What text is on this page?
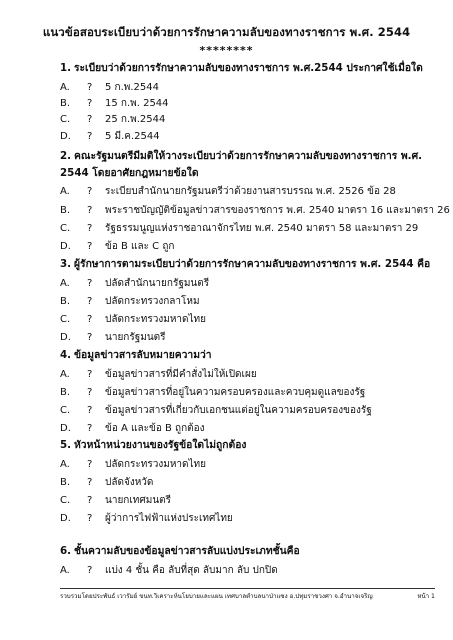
แนวข้อสอบระเบียบว่าด้วยการรักษาความลับของทางราชการ พ.ศ. 2544
********
1. ระเบียบว่าด้วยการรักษาความลับของทางราชการ พ.ศ.2544 ประกาศใช้เมื่อใด
A. ? 5 ก.พ.2544
B. ? 15 ก.พ. 2544
C. ? 25 ก.พ.2544
D. ? 5 มี.ค.2544
2. คณะรัฐมนตรีมีมติให้วางระเบียบว่าด้วยการรักษาความลับของทางราชการ พ.ศ. 2544 โดยอาศัยกฎหมายข้อใด
A. ? ระเบียบสำนักนายกรัฐมนตรีว่าด้วยงานสารบรรณ พ.ศ. 2526 ข้อ 28
B. ? พระราชบัญญัติข้อมูลข่าวสารของราชการ พ.ศ. 2540 มาตรา 16 และมาตรา 26
C. ? รัฐธรรมนูญแห่งราชอาณาจักรไทย พ.ศ. 2540 มาตรา 58 และมาตรา 29
D. ? ข้อ B และ C ถูก
3. ผู้รักษาการตามระเบียบว่าด้วยการรักษาความลับของทางราชการ พ.ศ. 2544 คือ
A. ? ปลัดสำนักนายกรัฐมนตรี
B. ? ปลัดกระทรวงกลาโหม
C. ? ปลัดกระทรวงมหาดไทย
D. ? นายกรัฐมนตรี
4. ข้อมูลข่าวสารลับหมายความว่า
A. ? ข้อมูลข่าวสารที่มีคำสั่งไม่ให้เปิดเผย
B. ? ข้อมูลข่าวสารที่อยู่ในความครอบครองและควบคุมดูแลของรัฐ
C. ? ข้อมูลข่าวสารที่เกี่ยวกับเอกชนแต่อยู่ในความครอบครองของรัฐ
D. ? ข้อ A และข้อ B ถูกต้อง
5. หัวหน้าหน่วยงานของรัฐข้อใดไม่ถูกต้อง
A. ? ปลัดกระทรวงมหาดไทย
B. ? ปลัดจังหวัด
C. ? นายกเทศมนตรี
D. ? ผู้ว่าการไฟฟ้าแห่งประเทศไทย
6. ชั้นความลับของข้อมูลข่าวสารลับแบ่งประเภทชั้นคือ
A. ? แบ่ง 4 ชั้น คือ ลับที่สุด ลับมาก ลับ ปกปิด
รวบรวมโดยประพันธ์ เวารัมย์ ขนท.วิเคราะห์นโยบายและแผน เทศบาลตำบลนาป่าแซง อ.ปทุมราชวงศา จ.อำนาจเจริญ	หน้า 1
